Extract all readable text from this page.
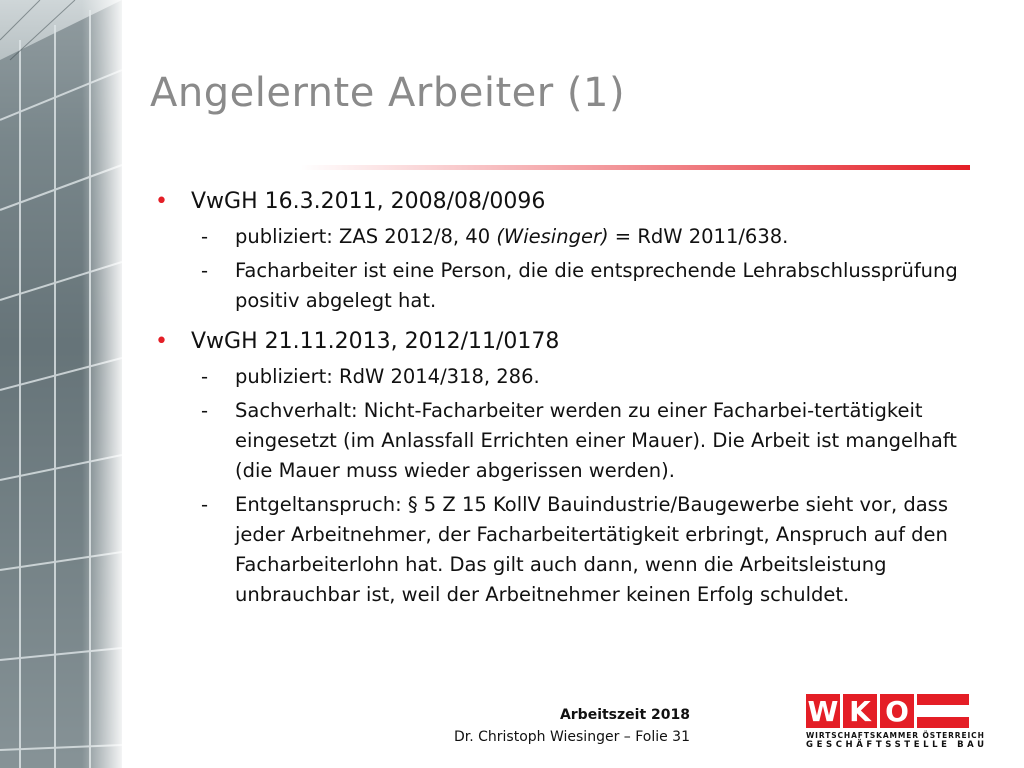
Angelernte Arbeiter (1)
• VwGH 16.3.2011, 2008/08/0096
- publiziert: ZAS 2012/8, 40 (Wiesinger) = RdW 2011/638.
- Facharbeiter ist eine Person, die die entsprechende Lehrabschlussprüfung positiv abgelegt hat.
• VwGH 21.11.2013, 2012/11/0178
- publiziert: RdW 2014/318, 286.
- Sachverhalt: Nicht-Facharbeiter werden zu einer Facharbei-tertätigkeit eingesetzt (im Anlassfall Errichten einer Mauer). Die Arbeit ist mangelhaft (die Mauer muss wieder abgerissen werden).
- Entgeltanspruch: § 5 Z 15 KollV Bauindustrie/Baugewerbe sieht vor, dass jeder Arbeitnehmer, der Facharbeitertätigkeit erbringt, Anspruch auf den Facharbeiterlohn hat. Das gilt auch dann, wenn die Arbeitsleistung unbrauchbar ist, weil der Arbeitnehmer keinen Erfolg schuldet.
Arbeitszeit 2018
Dr. Christoph Wiesinger – Folie 31
W K O
WIRTSCHAFTSKAMMER ÖSTERREICH
GESCHÄFTSSTELLE BAU
